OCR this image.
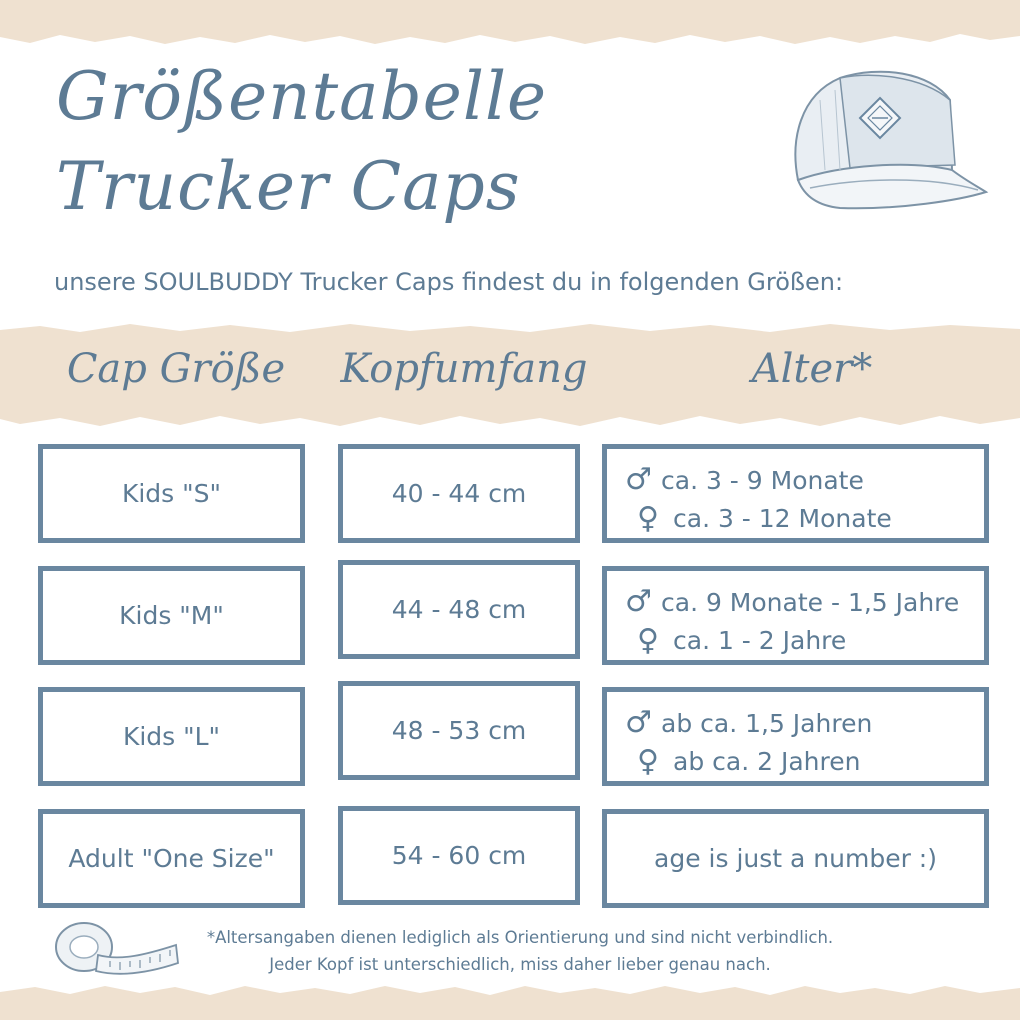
Größentabelle
Trucker Caps
unsere SOULBUDDY Trucker Caps findest du in folgenden Größen:
Cap Größe	Kopfumfang	Alter*
Kids "S"	40 - 44 cm	♂ ca. 3 - 9 Monate
♀ ca. 3 - 12 Monate
Kids "M"	44 - 48 cm	♂ ca. 9 Monate - 1,5 Jahre
♀ ca. 1 - 2 Jahre
Kids "L"	48 - 53 cm	♂ ab ca. 1,5 Jahren
♀ ab ca. 2 Jahren
Adult "One Size"	54 - 60 cm	age is just a number :)
*Altersangaben dienen lediglich als Orientierung und sind nicht verbindlich.
Jeder Kopf ist unterschiedlich, miss daher lieber genau nach.
